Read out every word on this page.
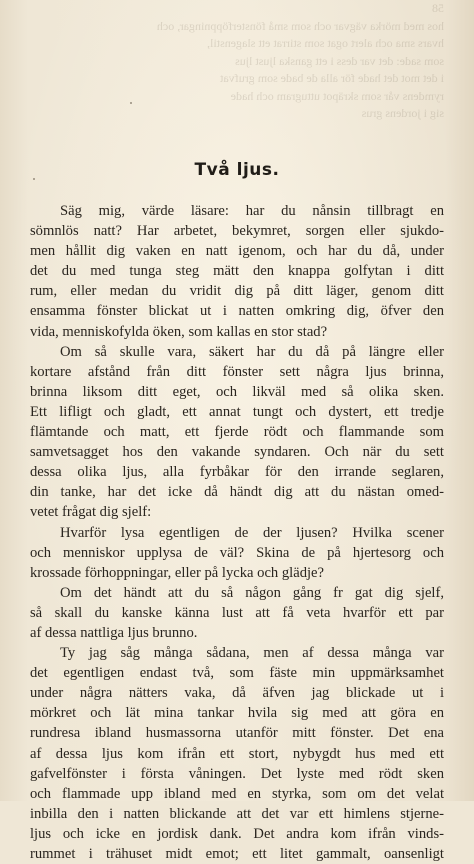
58
hos med mörka vägvar och som små fönsterföppningar, och
hvars sma och alert ogat som stirrat ett slagenstil,
som sade: det var dess i ett ganska ljust ljus
i det mot det hade för alla de bade som grufvat
rymdens vår som skräpot uttugram och hade
sig i jordens grus
Två ljus.
Säg mig, värde läsare: har du nånsin tillbragt en
sömnlös natt? Har arbetet, bekymret, sorgen eller sjukdo-
men hållit dig vaken en natt igenom, och har du då, under
det du med tunga steg mätt den knappa golfytan i ditt
rum, eller medan du vridit dig på ditt läger, genom ditt
ensamma fönster blickat ut i natten omkring dig, öfver den
vida, menniskofylda öken, som kallas en stor stad?
Om så skulle vara, säkert har du då på längre eller
kortare afstånd från ditt fönster sett några ljus brinna,
brinna liksom ditt eget, och likväl med så olika sken.
Ett lifligt och gladt, ett annat tungt och dystert, ett tredje
flämtande och matt, ett fjerde rödt och flammande som
samvetsagget hos den vakande syndaren. Och när du sett
dessa olika ljus, alla fyrbåkar för den irrande seglaren,
din tanke, har det icke då händt dig att du nästan omed-
vetet frågat dig sjelf:
Hvarför lysa egentligen de der ljusen? Hvilka scener
och menniskor upplysa de väl? Skina de på hjertesorg och
krossade förhoppningar, eller på lycka och glädje?
Om det händt att du så någon gång fr gat dig sjelf,
så skall du kanske känna lust att få veta hvarför ett par
af dessa nattliga ljus brunno.
Ty jag såg många sådana, men af dessa många var
det egentligen endast två, som fäste min uppmärksamhet
under några nätters vaka, då äfven jag blickade ut i
mörkret och lät mina tankar hvila sig med att göra en
rundresa ibland husmassorna utanför mitt fönster. Det ena
af dessa ljus kom ifrån ett stort, nybygdt hus med ett
gafvelfönster i första våningen. Det lyste med rödt sken
och flammade upp ibland med en styrka, som om det velat
inbilla den i natten blickande att det var ett himlens stjerne-
ljus och icke en jordisk dank. Det andra kom ifrån vinds-
rummet i trähuset midt emot; ett litet gammalt, oansenligt
